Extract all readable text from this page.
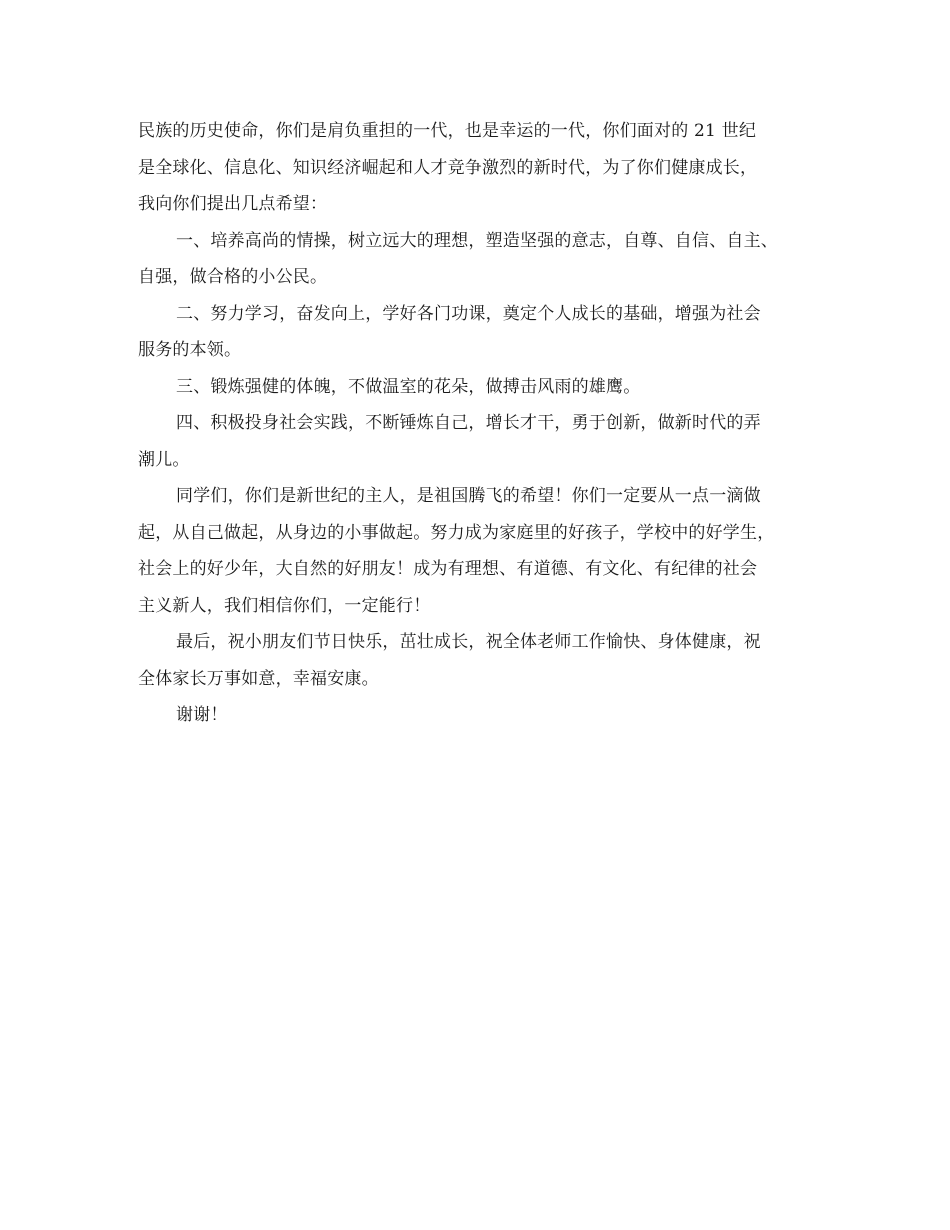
民族的历史使命，你们是肩负重担的一代，也是幸运的一代，你们面对的 21 世纪
是全球化、信息化、知识经济崛起和人才竞争激烈的新时代，为了你们健康成长，
我向你们提出几点希望：

一、培养高尚的情操，树立远大的理想，塑造坚强的意志，自尊、自信、自主、
自强，做合格的小公民。

二、努力学习，奋发向上，学好各门功课，奠定个人成长的基础，增强为社会
服务的本领。

三、锻炼强健的体魄，不做温室的花朵，做搏击风雨的雄鹰。

四、积极投身社会实践，不断锤炼自己，增长才干，勇于创新，做新时代的弄
潮儿。

同学们，你们是新世纪的主人，是祖国腾飞的希望！你们一定要从一点一滴做
起，从自己做起，从身边的小事做起。努力成为家庭里的好孩子，学校中的好学生，
社会上的好少年，大自然的好朋友！成为有理想、有道德、有文化、有纪律的社会
主义新人，我们相信你们，一定能行！

最后，祝小朋友们节日快乐，茁壮成长，祝全体老师工作愉快、身体健康，祝
全体家长万事如意，幸福安康。

谢谢！
